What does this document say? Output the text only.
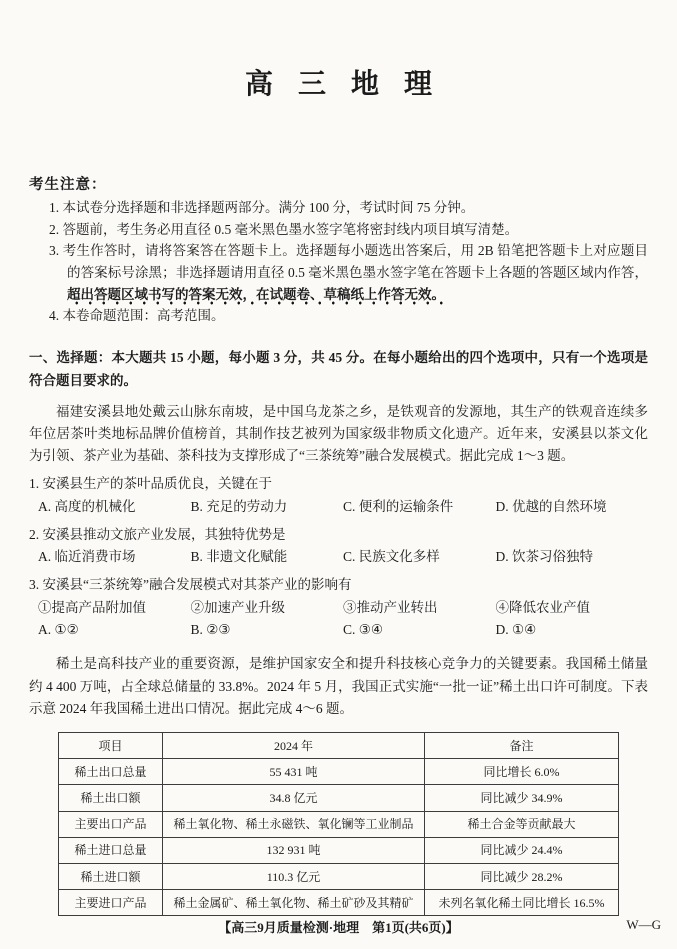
高 三 地 理
考生注意：
1. 本试卷分选择题和非选择题两部分。满分 100 分，考试时间 75 分钟。
2. 答题前，考生务必用直径 0.5 毫米黑色墨水签字笔将密封线内项目填写清楚。
3. 考生作答时，请将答案答在答题卡上。选择题每小题选出答案后，用 2B 铅笔把答题卡上对应题目的答案标号涂黑；非选择题请用直径 0.5 毫米黑色墨水签字笔在答题卡上各题的答题区域内作答，超出答题区域书写的答案无效，在试题卷、草稿纸上作答无效。
4. 本卷命题范围：高考范围。

一、选择题：本大题共 15 小题，每小题 3 分，共 45 分。在每小题给出的四个选项中，只有一个选项是符合题目要求的。

福建安溪县地处戴云山脉东南坡，是中国乌龙茶之乡，是铁观音的发源地，其生产的铁观音连续多年位居茶叶类地标品牌价值榜首，其制作技艺被列为国家级非物质文化遗产。近年来，安溪县以茶文化为引领、茶产业为基础、茶科技为支撑形成了“三茶统筹”融合发展模式。据此完成 1～3 题。

1. 安溪县生产的茶叶品质优良，关键在于

A. 高度的机械化	B. 充足的劳动力	C. 便利的运输条件	D. 优越的自然环境

2. 安溪县推动文旅产业发展，其独特优势是

A. 临近消费市场	B. 非遗文化赋能	C. 民族文化多样	D. 饮茶习俗独特

3. 安溪县“三茶统筹”融合发展模式对其茶产业的影响有

①提高产品附加值	②加速产业升级	③推动产业转出	④降低农业产值
A. ①②	B. ②③	C. ③④	D. ①④

稀土是高科技产业的重要资源，是维护国家安全和提升科技核心竞争力的关键要素。我国稀土储量约 4 400 万吨，占全球总储量的 33.8%。2024 年 5 月，我国正式实施“一批一证”稀土出口许可制度。下表示意 2024 年我国稀土进出口情况。据此完成 4～6 题。

项目	2024 年	备注
稀土出口总量	55 431 吨	同比增长 6.0%
稀土出口额	34.8 亿元	同比减少 34.9%
主要出口产品	稀土氧化物、稀土永磁铁、氧化镧等工业制品	稀土合金等贡献最大
稀土进口总量	132 931 吨	同比减少 24.4%
稀土进口额	110.3 亿元	同比减少 28.2%
主要进口产品	稀土金属矿、稀土氧化物、稀土矿砂及其精矿	未列名氧化稀土同比增长 16.5%
【高三9月质量检测·地理　第1页(共6页)】	W—G
